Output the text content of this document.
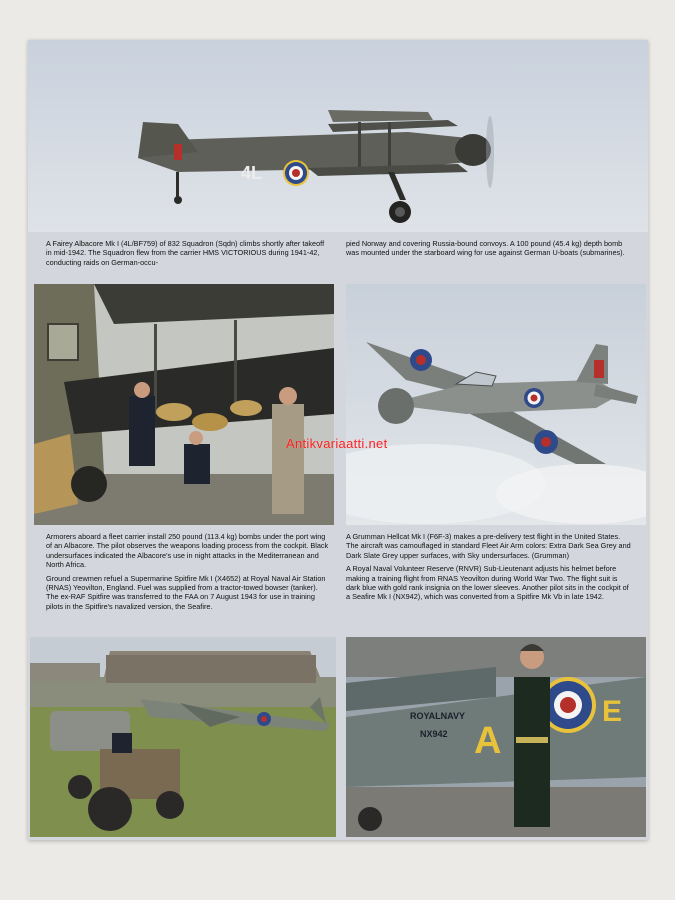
4L

A Fairey Albacore Mk I (4L/BF759) of 832 Squadron (Sqdn) climbs shortly after takeoff in mid-1942. The Squadron flew from the carrier HMS VICTORIOUS during 1941-42, conducting raids on German-occu-

pied Norway and covering Russia-bound convoys. A 100 pound (45.4 kg) depth bomb was mounted under the starboard wing for use against German U-boats (submarines).

Armorers aboard a fleet carrier install 250 pound (113.4 kg) bombs under the port wing of an Albacore. The pilot observes the weapons loading process from the cockpit. Black undersurfaces indicated the Albacore's use in night attacks in the Mediterranean and North Africa.

Ground crewmen refuel a Supermarine Spitfire Mk I (X4652) at Royal Naval Air Station (RNAS) Yeovilton, England. Fuel was supplied from a tractor-towed bowser (tanker). The ex-RAF Spitfire was transferred to the FAA on 7 August 1943 for use in training pilots in the Spitfire's navalized version, the Seafire.

A Grumman Hellcat Mk I (F6F-3) makes a pre-delivery test flight in the United States. The aircraft was camouflaged in standard Fleet Air Arm colors: Extra Dark Sea Grey and Dark Slate Grey upper surfaces, with Sky undersurfaces. (Grumman)

A Royal Naval Volunteer Reserve (RNVR) Sub-Lieutenant adjusts his helmet before making a training flight from RNAS Yeovilton during World War Two. The flight suit is dark blue with gold rank insignia on the lower sleeves. Another pilot sits in the cockpit of a Seafire Mk I (NX942), which was converted from a Spitfire Mk Vb in late 1942.

A
E
ROYALNAVY
NX942
Antikvariaatti.net
